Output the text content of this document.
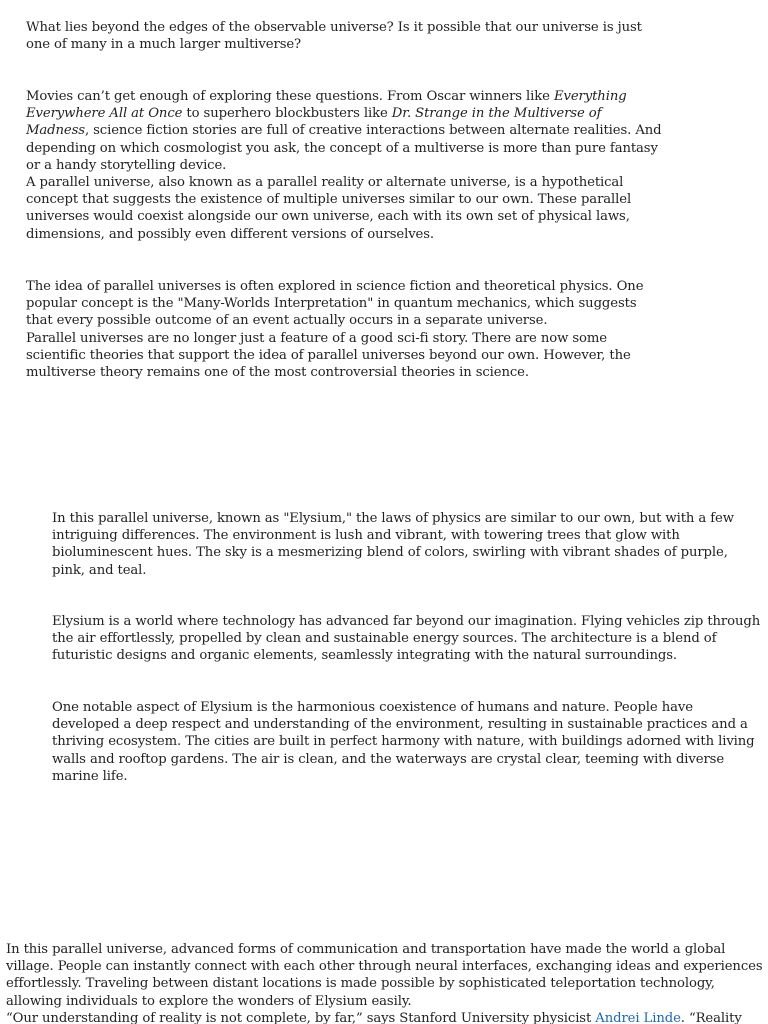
What lies beyond the edges of the observable universe? Is it possible that our universe is just one of many in a much larger multiverse?

Movies can’t get enough of exploring these questions. From Oscar winners like Everything Everywhere All at Once to superhero blockbusters like Dr. Strange in the Multiverse of Madness, science fiction stories are full of creative interactions between alternate realities. And depending on which cosmologist you ask, the concept of a multiverse is more than pure fantasy or a handy storytelling device.

A parallel universe, also known as a parallel reality or alternate universe, is a hypothetical concept that suggests the existence of multiple universes similar to our own. These parallel universes would coexist alongside our own universe, each with its own set of physical laws, dimensions, and possibly even different versions of ourselves.

The idea of parallel universes is often explored in science fiction and theoretical physics. One popular concept is the "Many-Worlds Interpretation" in quantum mechanics, which suggests that every possible outcome of an event actually occurs in a separate universe.

Parallel universes are no longer just a feature of a good sci-fi story. There are now some scientific theories that support the idea of parallel universes beyond our own. However, the multiverse theory remains one of the most controversial theories in science.

In this parallel universe, known as "Elysium," the laws of physics are similar to our own, but with a few intriguing differences. The environment is lush and vibrant, with towering trees that glow with bioluminescent hues. The sky is a mesmerizing blend of colors, swirling with vibrant shades of purple, pink, and teal.

Elysium is a world where technology has advanced far beyond our imagination. Flying vehicles zip through the air effortlessly, propelled by clean and sustainable energy sources. The architecture is a blend of futuristic designs and organic elements, seamlessly integrating with the natural surroundings.

One notable aspect of Elysium is the harmonious coexistence of humans and nature. People have developed a deep respect and understanding of the environment, resulting in sustainable practices and a thriving ecosystem. The cities are built in perfect harmony with nature, with buildings adorned with living walls and rooftop gardens. The air is clean, and the waterways are crystal clear, teeming with diverse marine life.

In this parallel universe, advanced forms of communication and transportation have made the world a global village. People can instantly connect with each other through neural interfaces, exchanging ideas and experiences effortlessly. Traveling between distant locations is made possible by sophisticated teleportation technology, allowing individuals to explore the wonders of Elysium easily.

“Our understanding of reality is not complete, by far,” says Stanford University physicist Andrei Linde. “Reality
